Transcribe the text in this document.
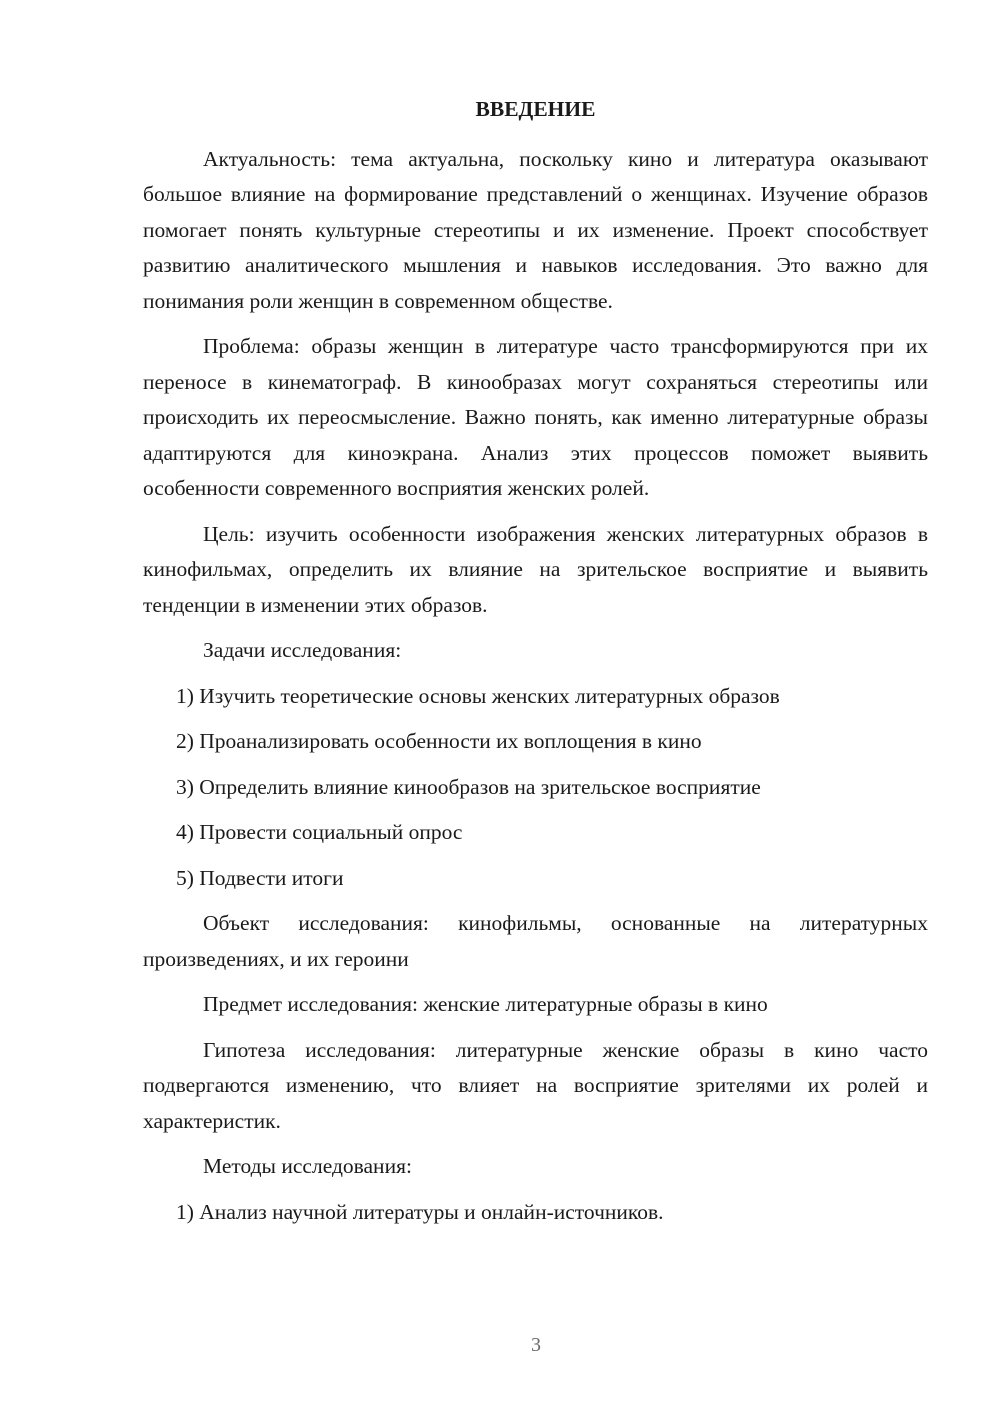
ВВЕДЕНИЕ
Актуальность: тема актуальна, поскольку кино и литература оказывают большое влияние на формирование представлений о женщинах. Изучение образов помогает понять культурные стереотипы и их изменение. Проект способствует развитию аналитического мышления и навыков исследования. Это важно для понимания роли женщин в современном обществе.
Проблема: образы женщин в литературе часто трансформируются при их переносе в кинематограф. В кинообразах могут сохраняться стереотипы или происходить их переосмысление. Важно понять, как именно литературные образы адаптируются для киноэкрана. Анализ этих процессов поможет выявить особенности современного восприятия женских ролей.
Цель: изучить особенности изображения женских литературных образов в кинофильмах, определить их влияние на зрительское восприятие и выявить тенденции в изменении этих образов.
Задачи исследования:
1) Изучить теоретические основы женских литературных образов
2) Проанализировать особенности их воплощения в кино
3) Определить влияние кинообразов на зрительское восприятие
4) Провести социальный опрос
5) Подвести итоги
Объект исследования: кинофильмы, основанные на литературных произведениях, и их героини
Предмет исследования: женские литературные образы в кино
Гипотеза исследования: литературные женские образы в кино часто подвергаются изменению, что влияет на восприятие зрителями их ролей и характеристик.
Методы исследования:
1) Анализ научной литературы и онлайн-источников.
3
